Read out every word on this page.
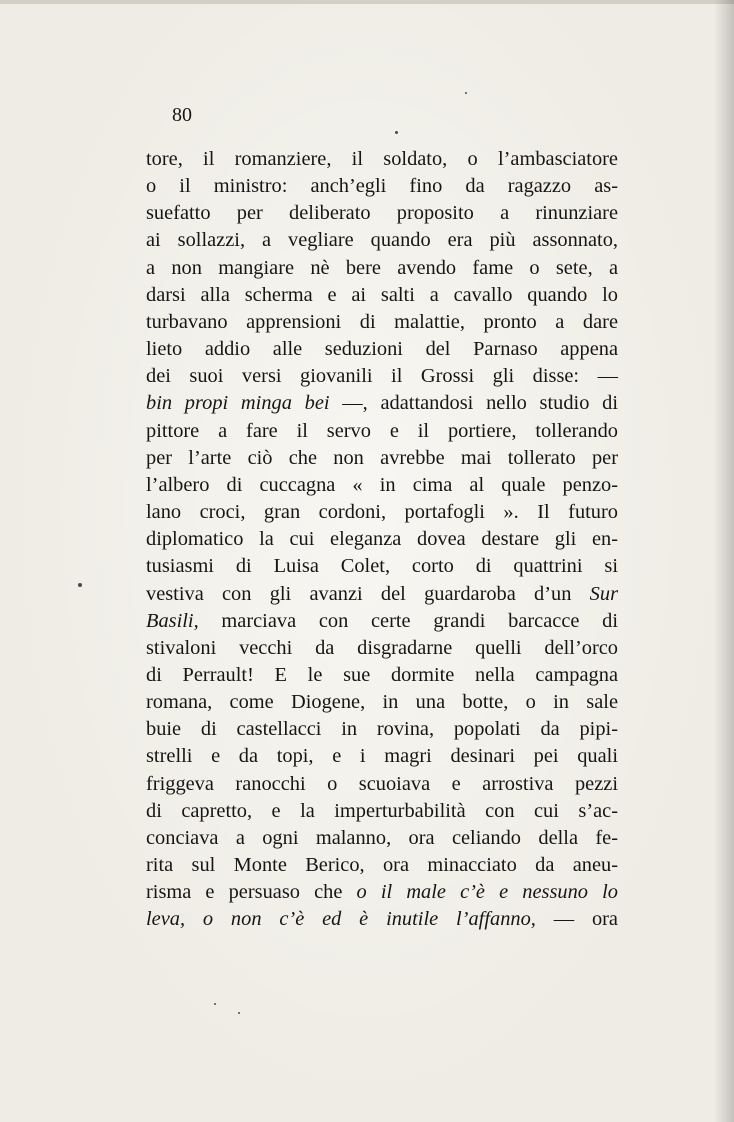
80
tore, il romanziere, il soldato, o l’ambasciatore
o il ministro: anch’egli fino da ragazzo as-
suefatto per deliberato proposito a rinunziare
ai sollazzi, a vegliare quando era più assonnato,
a non mangiare nè bere avendo fame o sete, a
darsi alla scherma e ai salti a cavallo quando lo
turbavano apprensioni di malattie, pronto a dare
lieto addio alle seduzioni del Parnaso appena
dei suoi versi giovanili il Grossi gli disse: —
bin propi minga bei —, adattandosi nello studio di
pittore a fare il servo e il portiere, tollerando
per l’arte ciò che non avrebbe mai tollerato per
l’albero di cuccagna « in cima al quale penzo-
lano croci, gran cordoni, portafogli ». Il futuro
diplomatico la cui eleganza dovea destare gli en-
tusiasmi di Luisa Colet, corto di quattrini si
vestiva con gli avanzi del guardaroba d’un Sur
Basili, marciava con certe grandi barcacce di
stivaloni vecchi da disgradarne quelli dell’orco
di Perrault! E le sue dormite nella campagna
romana, come Diogene, in una botte, o in sale
buie di castellacci in rovina, popolati da pipi-
strelli e da topi, e i magri desinari pei quali
friggeva ranocchi o scuoiava e arrostiva pezzi
di capretto, e la imperturbabilità con cui s’ac-
conciava a ogni malanno, ora celiando della fe-
rita sul Monte Berico, ora minacciato da aneu-
risma e persuaso che o il male c’è e nessuno lo
leva, o non c’è ed è inutile l’affanno, — ora
